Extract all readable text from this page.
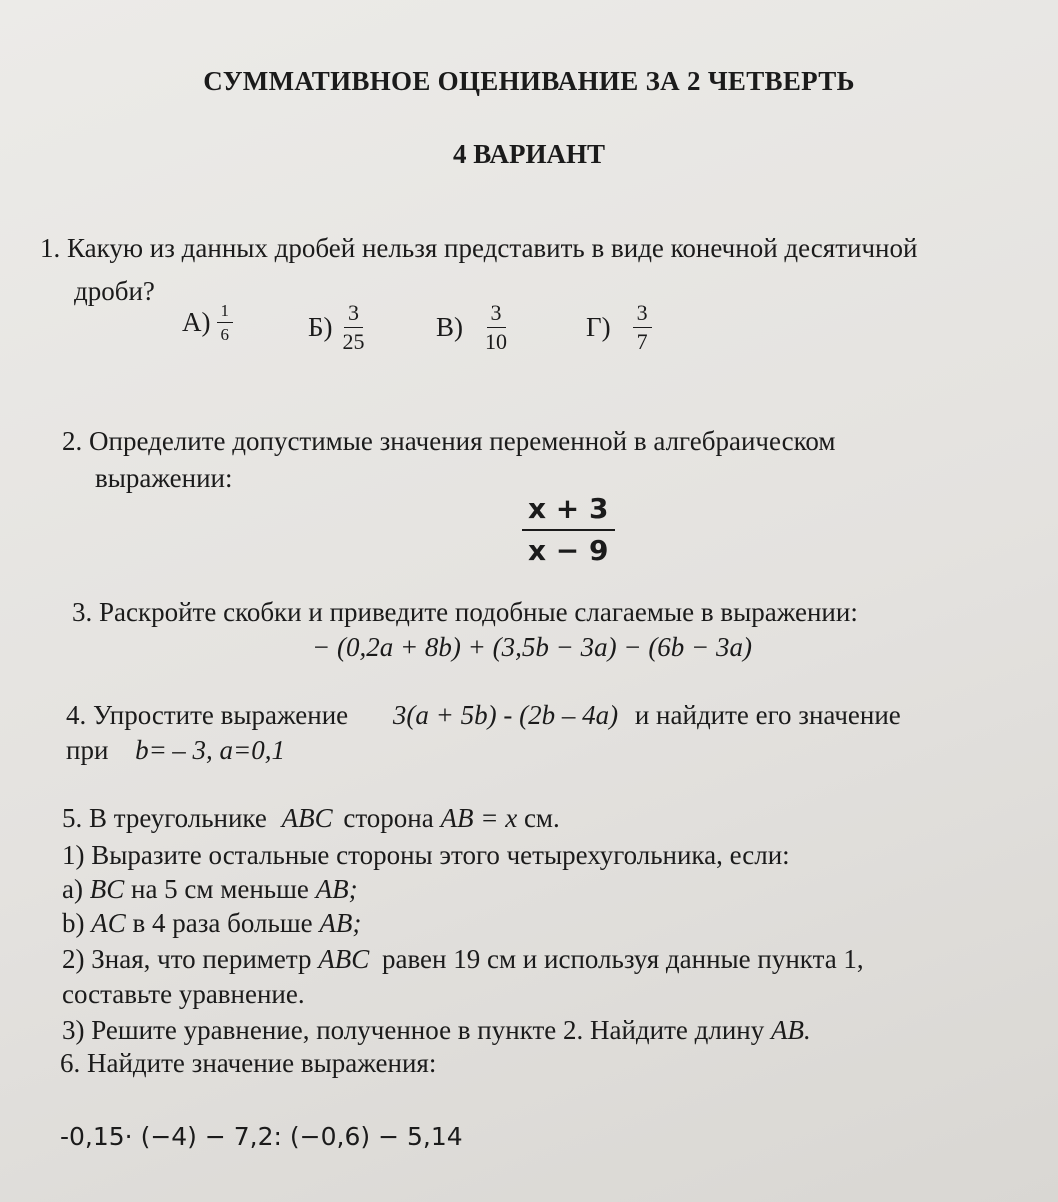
СУММАТИВНОЕ ОЦЕНИВАНИЕ ЗА 2 ЧЕТВЕРТЬ
4 ВАРИАНТ
1. Какую из данных дробей нельзя представить в виде конечной десятичной
дроби?
$А) \frac{1}{6}$	$Б) \frac{3}{25}$	$В) \frac{3}{10}$	$Г) \frac{3}{7}$
2. Определите допустимые значения переменной в алгебраическом
выражении:
$\frac{x + 3}{x - 9}$
3. Раскройте скобки и приведите подобные слагаемые в выражении:
− (0,2a + 8b) + (3,5b − 3a) − (6b − 3a)
4. Упростите выражение 3(a + 5b) - (2b – 4a) и найдите его значение
при b= – 3, a=0,1
5. В треугольнике ABC сторона AB = x см.
1) Выразите остальные стороны этого четырехугольника, если:
а) BC на 5 см меньше AB;
b) AC в 4 раза больше AB;
2) Зная, что периметр ABC равен 19 см и используя данные пункта 1,
составьте уравнение.
3) Решите уравнение, полученное в пункте 2. Найдите длину AB.
6. Найдите значение выражения:
-0,15· (−4) − 7,2: (−0,6) − 5,14
